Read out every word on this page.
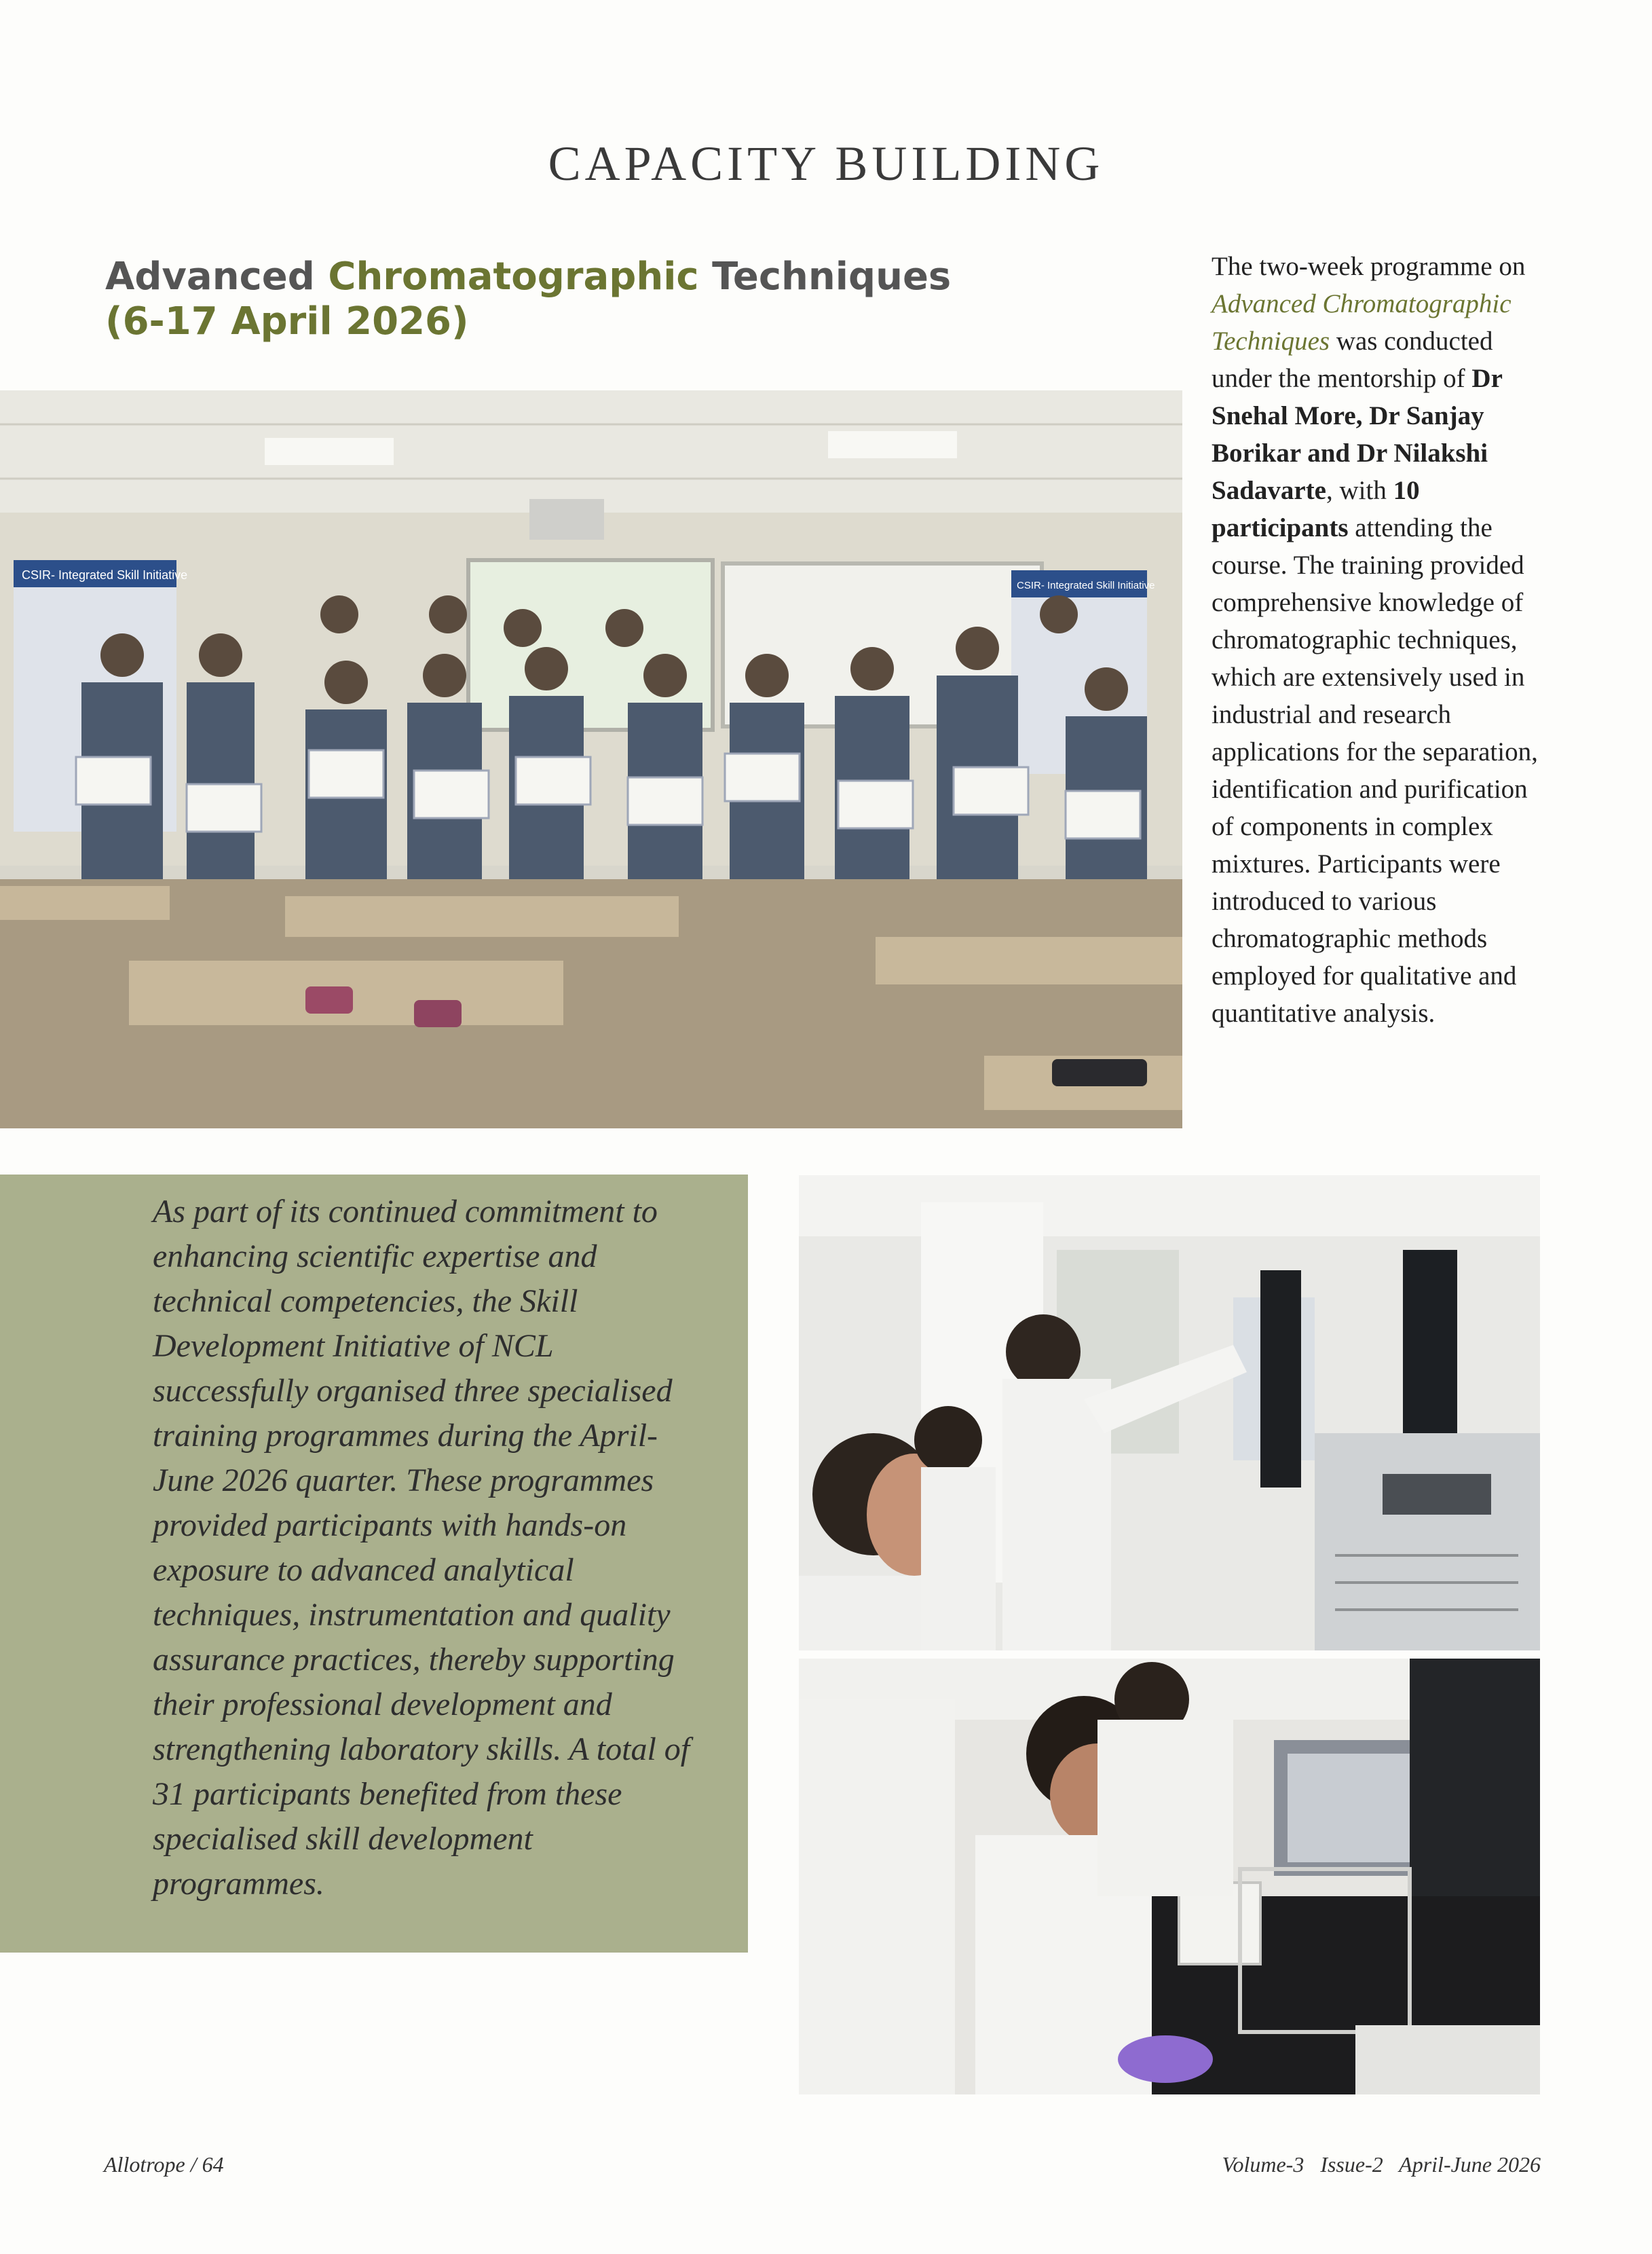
CAPACITY BUILDING
Advanced Chromatographic Techniques
(6-17 April 2026)
CSIR- Integrated Skill Initiative
CSIR- Integrated Skill Initiative
The two-week programme on Advanced Chromatographic Techniques was conducted under the mentorship of Dr Snehal More, Dr Sanjay Borikar and Dr Nilakshi Sadavarte, with 10 participants attending the course. The training provided comprehensive knowledge of chromatographic techniques, which are extensively used in industrial and research applications for the separation, identification and purification of components in complex mixtures. Participants were introduced to various chromatographic methods employed for qualitative and quantitative analysis.
As part of its continued commitment to enhancing scientific expertise and technical competencies, the Skill Development Initiative of NCL successfully organised three specialised training programmes during the April-June 2026 quarter. These programmes provided participants with hands-on exposure to advanced analytical techniques, instrumentation and quality assurance practices, thereby supporting their professional development and strengthening laboratory skills. A total of 31 participants benefited from these specialised skill development programmes.
Allotrope / 64	Volume-3   Issue-2   April-June 2026
